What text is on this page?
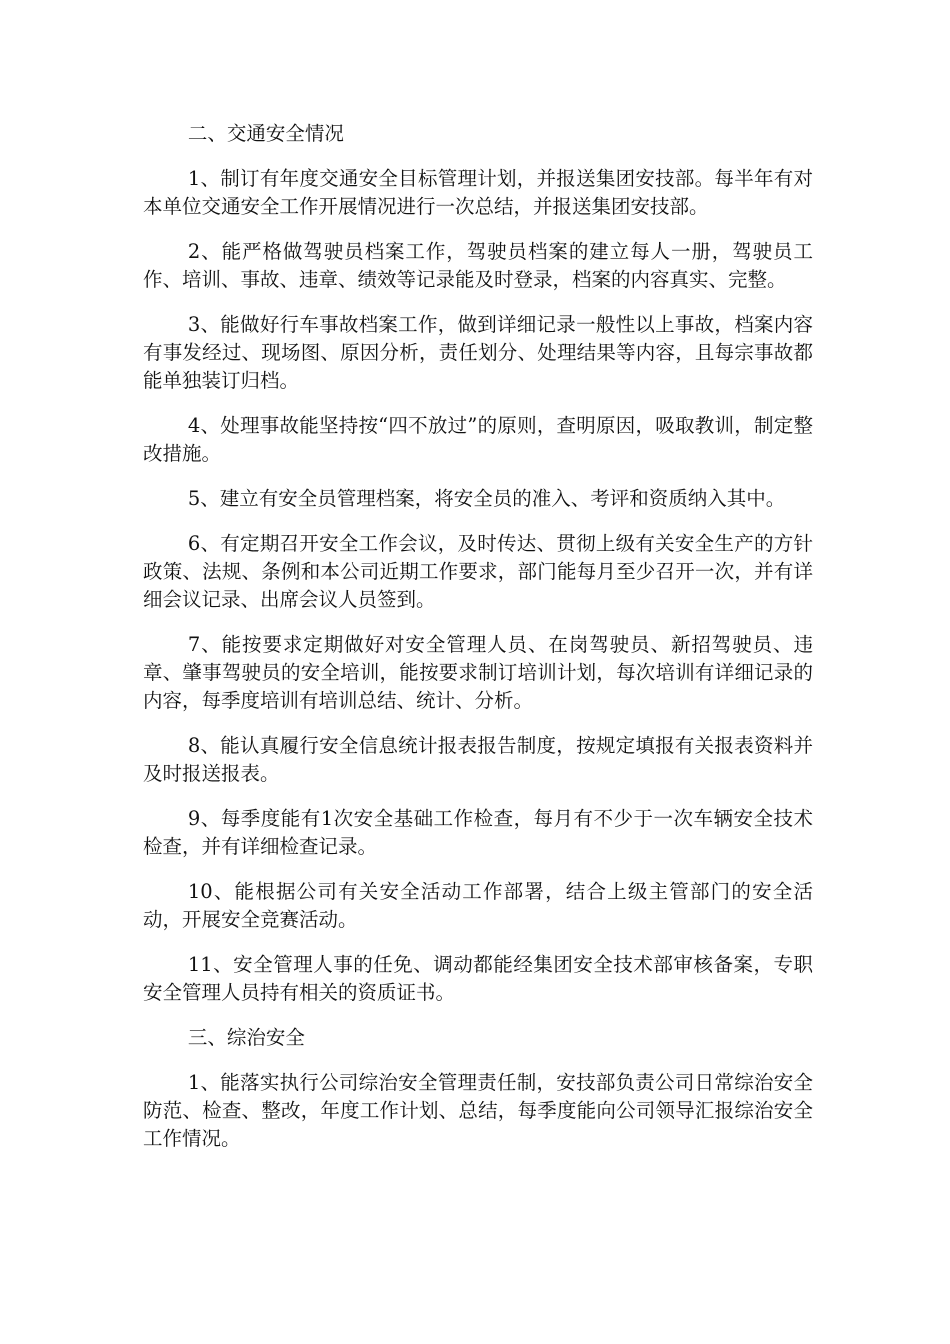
二、交通安全情况

1、制订有年度交通安全目标管理计划，并报送集团安技部。每半年有对本单位交通安全工作开展情况进行一次总结，并报送集团安技部。

2、能严格做驾驶员档案工作，驾驶员档案的建立每人一册，驾驶员工作、培训、事故、违章、绩效等记录能及时登录，档案的内容真实、完整。

3、能做好行车事故档案工作，做到详细记录一般性以上事故，档案内容有事发经过、现场图、原因分析，责任划分、处理结果等内容，且每宗事故都能单独装订归档。

4、处理事故能坚持按“四不放过”的原则，查明原因，吸取教训，制定整改措施。

5、建立有安全员管理档案，将安全员的准入、考评和资质纳入其中。

6、有定期召开安全工作会议，及时传达、贯彻上级有关安全生产的方针政策、法规、条例和本公司近期工作要求，部门能每月至少召开一次，并有详细会议记录、出席会议人员签到。

7、能按要求定期做好对安全管理人员、在岗驾驶员、新招驾驶员、违章、肇事驾驶员的安全培训，能按要求制订培训计划，每次培训有详细记录的内容，每季度培训有培训总结、统计、分析。

8、能认真履行安全信息统计报表报告制度，按规定填报有关报表资料并及时报送报表。

9、每季度能有1次安全基础工作检查，每月有不少于一次车辆安全技术检查，并有详细检查记录。

10、能根据公司有关安全活动工作部署，结合上级主管部门的安全活动，开展安全竞赛活动。

11、安全管理人事的任免、调动都能经集团安全技术部审核备案，专职安全管理人员持有相关的资质证书。

三、综治安全

1、能落实执行公司综治安全管理责任制，安技部负责公司日常综治安全防范、检查、整改，年度工作计划、总结，每季度能向公司领导汇报综治安全工作情况。
